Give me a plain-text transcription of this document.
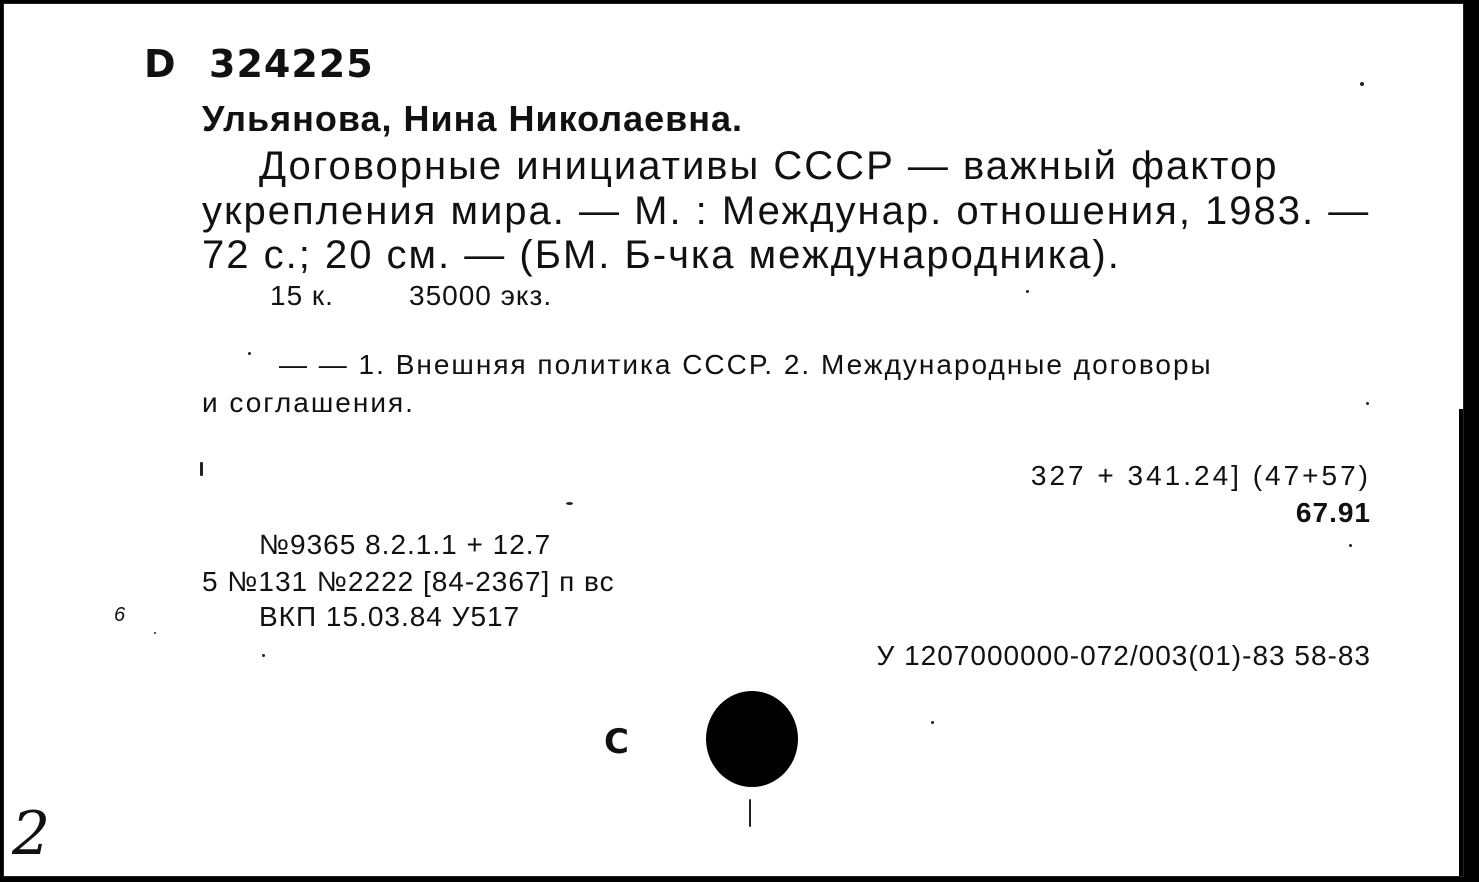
D 324225
Ульянова, Нина Николаевна.
Договорные инициативы СССР — важный фактор
укрепления мира. — М. : Междунар. отношения, 1983. —
72 с.; 20 см. — (БМ. Б-чка международника).
15 к.	35000 экз.
— — 1. Внешняя политика СССР. 2. Международные договоры
и соглашения.
327 + 341.24] (47+57)
67.91
№9365 8.2.1.1 + 12.7
5 №131 №2222 [84-2367] п вс
ВКП 15.03.84 У517
6
У 1207000000-072/003(01)-83 58-83
С
2
